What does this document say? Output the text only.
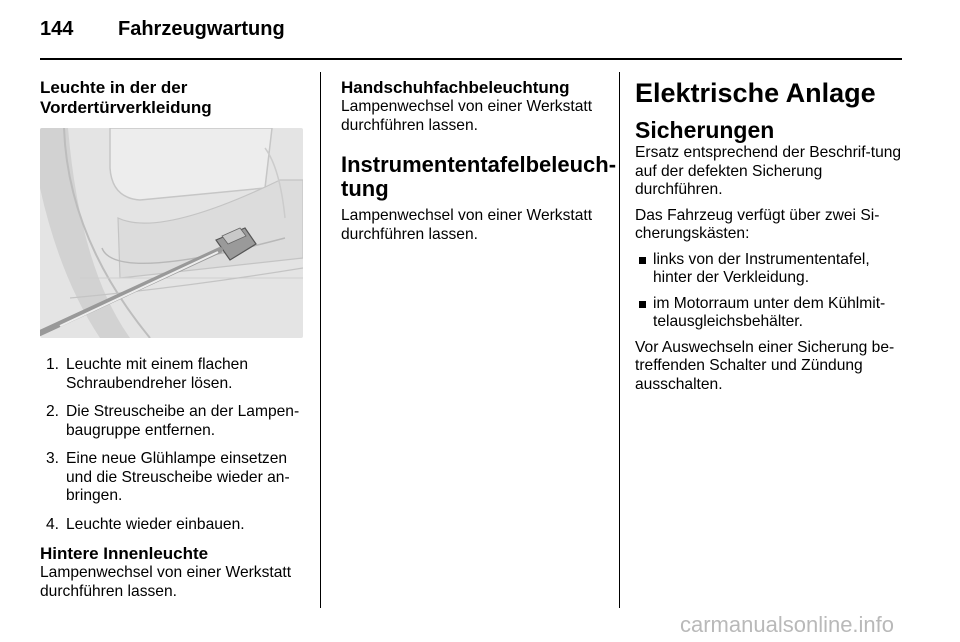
144 Fahrzeugwartung
Leuchte in der der
Vordertürverkleidung
1. Leuchte mit einem flachen Schraubendreher lösen.
2. Die Streuscheibe an der Lampen-baugruppe entfernen.
3. Eine neue Glühlampe einsetzen und die Streuscheibe wieder an-bringen.
4. Leuchte wieder einbauen.
Hintere Innenleuchte

Lampenwechsel von einer Werkstatt durchführen lassen.

Handschuhfachbeleuchtung

Lampenwechsel von einer Werkstatt durchführen lassen.

Instrumententafelbeleuch-
tung

Lampenwechsel von einer Werkstatt durchführen lassen.

Elektrische Anlage
Sicherungen

Ersatz entsprechend der Beschrif-tung auf der defekten Sicherung durchführen.

Das Fahrzeug verfügt über zwei Si-cherungskästen:

links von der Instrumententafel, hinter der Verkleidung.
im Motorraum unter dem Kühlmit-telausgleichsbehälter.

Vor Auswechseln einer Sicherung be-treffenden Schalter und Zündung ausschalten.

carmanualsonline.info
